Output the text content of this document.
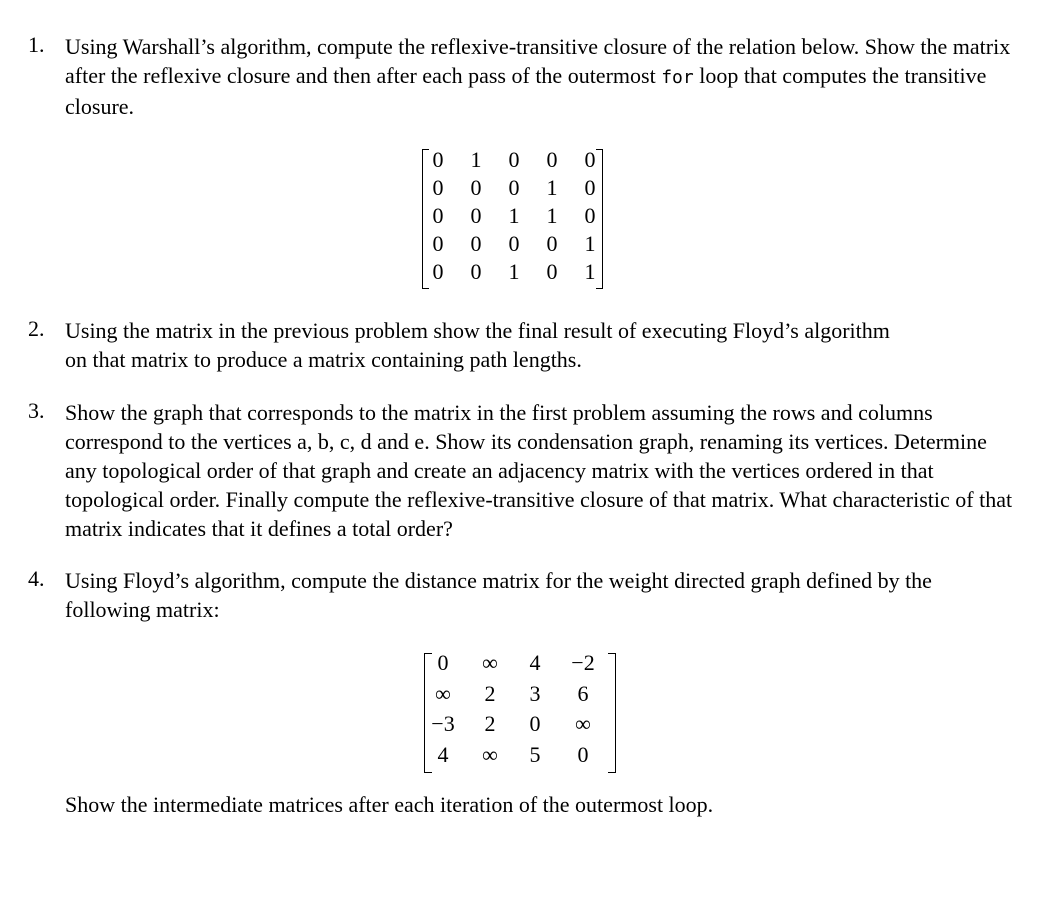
1. Using Warshall’s algorithm, compute the reflexive-transitive closure of the relation below. Show the matrix after the reflexive closure and then after each pass of the outermost for loop that computes the transitive closure.
0	1	0	0	0
0	0	0	1	0
0	0	1	1	0
0	0	0	0	1
0	0	1	0	1
2. Using the matrix in the previous problem show the final result of executing Floyd’s algorithm on that matrix to produce a matrix containing path lengths.
3. Show the graph that corresponds to the matrix in the first problem assuming the rows and columns correspond to the vertices a, b, c, d and e. Show its condensation graph, renaming its vertices. Determine any topological order of that graph and create an adjacency matrix with the vertices ordered in that topological order. Finally compute the reflexive-transitive closure of that matrix. What characteristic of that matrix indicates that it defines a total order?
4. Using Floyd’s algorithm, compute the distance matrix for the weight directed graph defined by the following matrix:
0	∞	4	−2
∞	2	3	6
−3	2	0	∞
4	∞	5	0
Show the intermediate matrices after each iteration of the outermost loop.
